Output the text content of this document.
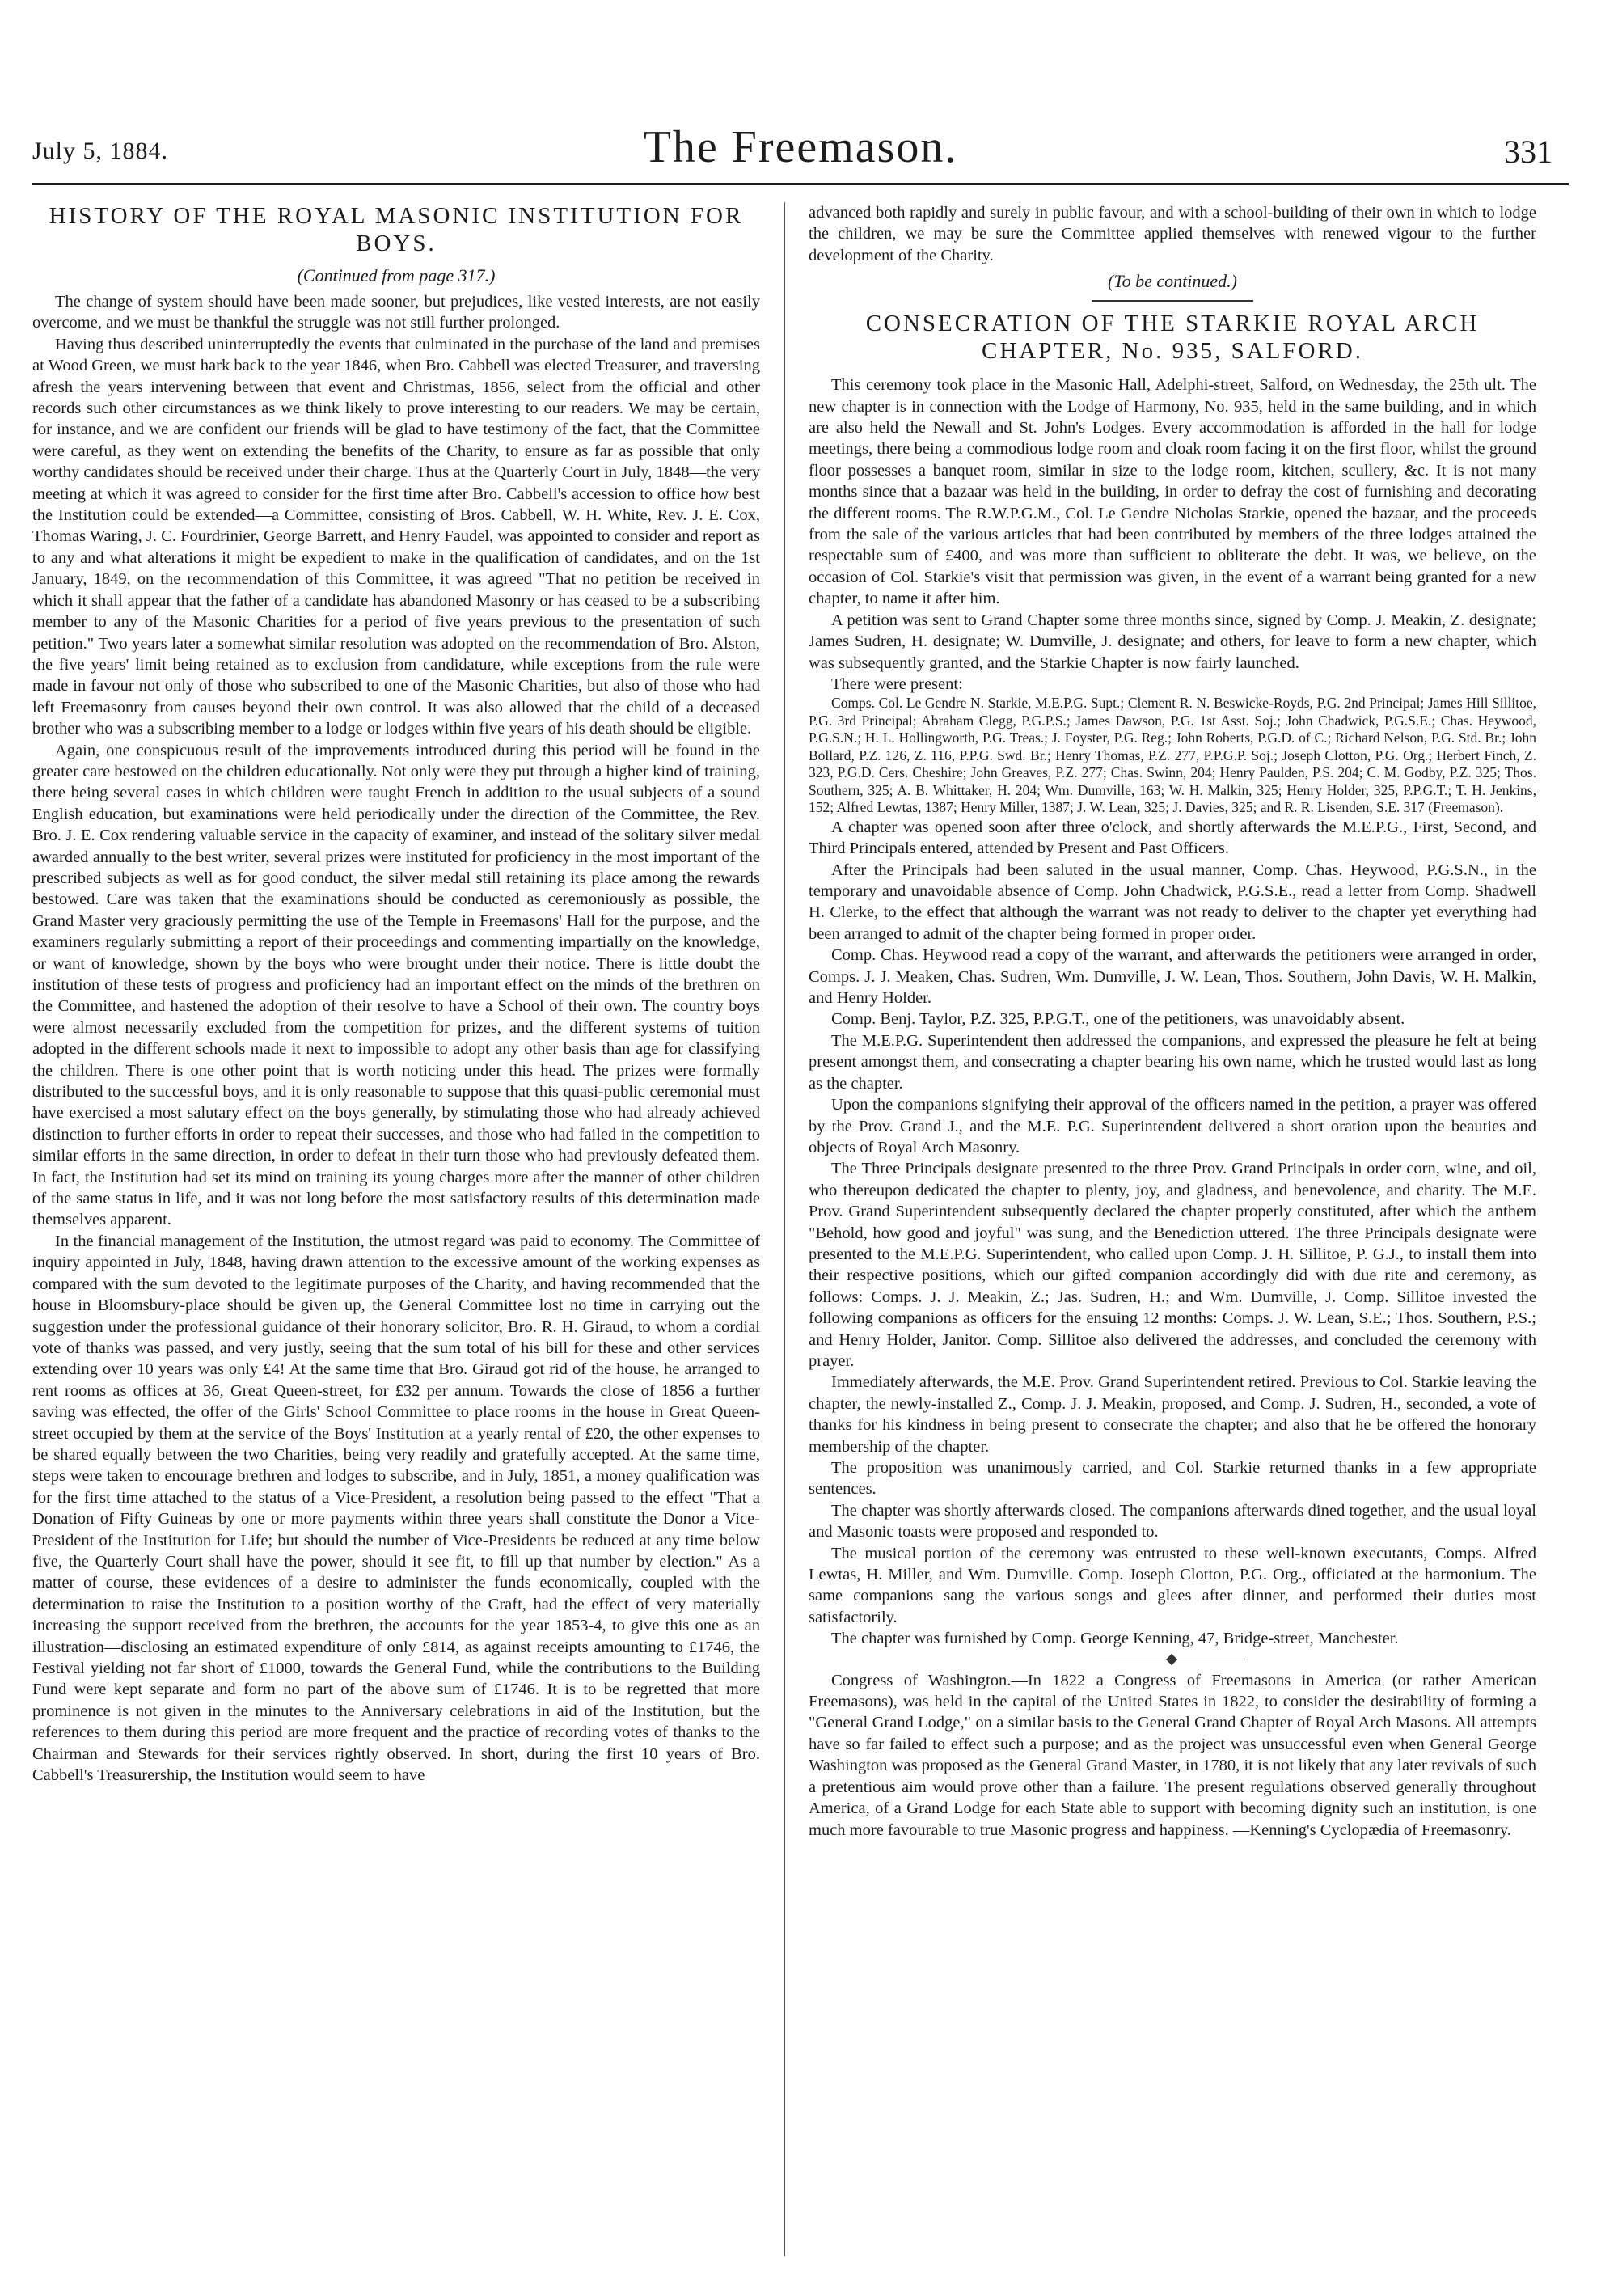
July 5, 1884.	The Freemason.	331
HISTORY OF THE ROYAL MASONIC INSTITUTION FOR BOYS.
(Continued from page 317.)

The change of system should have been made sooner, but prejudices, like vested interests, are not easily overcome, and we must be thankful the struggle was not still further prolonged.

Having thus described uninterruptedly the events that culminated in the purchase of the land and premises at Wood Green, we must hark back to the year 1846, when Bro. Cabbell was elected Treasurer, and traversing afresh the years intervening between that event and Christmas, 1856, select from the official and other records such other circumstances as we think likely to prove interesting to our readers. We may be certain, for instance, and we are confident our friends will be glad to have testimony of the fact, that the Committee were careful, as they went on extending the benefits of the Charity, to ensure as far as possible that only worthy candidates should be received under their charge. Thus at the Quarterly Court in July, 1848—the very meeting at which it was agreed to consider for the first time after Bro. Cabbell's accession to office how best the Institution could be extended—a Committee, consisting of Bros. Cabbell, W. H. White, Rev. J. E. Cox, Thomas Waring, J. C. Fourdrinier, George Barrett, and Henry Faudel, was appointed to consider and report as to any and what alterations it might be expedient to make in the qualification of candidates, and on the 1st January, 1849, on the recommendation of this Committee, it was agreed "That no petition be received in which it shall appear that the father of a candidate has abandoned Masonry or has ceased to be a subscribing member to any of the Masonic Charities for a period of five years previous to the presentation of such petition." Two years later a somewhat similar resolution was adopted on the recommendation of Bro. Alston, the five years' limit being retained as to exclusion from candidature, while exceptions from the rule were made in favour not only of those who subscribed to one of the Masonic Charities, but also of those who had left Freemasonry from causes beyond their own control. It was also allowed that the child of a deceased brother who was a subscribing member to a lodge or lodges within five years of his death should be eligible.

Again, one conspicuous result of the improvements introduced during this period will be found in the greater care bestowed on the children educationally. Not only were they put through a higher kind of training, there being several cases in which children were taught French in addition to the usual subjects of a sound English education, but examinations were held periodically under the direction of the Committee, the Rev. Bro. J. E. Cox rendering valuable service in the capacity of examiner, and instead of the solitary silver medal awarded annually to the best writer, several prizes were instituted for proficiency in the most important of the prescribed subjects as well as for good conduct, the silver medal still retaining its place among the rewards bestowed. Care was taken that the examinations should be conducted as ceremoniously as possible, the Grand Master very graciously permitting the use of the Temple in Freemasons' Hall for the purpose, and the examiners regularly submitting a report of their proceedings and commenting impartially on the knowledge, or want of knowledge, shown by the boys who were brought under their notice. There is little doubt the institution of these tests of progress and proficiency had an important effect on the minds of the brethren on the Committee, and hastened the adoption of their resolve to have a School of their own. The country boys were almost necessarily excluded from the competition for prizes, and the different systems of tuition adopted in the different schools made it next to impossible to adopt any other basis than age for classifying the children. There is one other point that is worth noticing under this head. The prizes were formally distributed to the successful boys, and it is only reasonable to suppose that this quasi-public ceremonial must have exercised a most salutary effect on the boys generally, by stimulating those who had already achieved distinction to further efforts in order to repeat their successes, and those who had failed in the competition to similar efforts in the same direction, in order to defeat in their turn those who had previously defeated them. In fact, the Institution had set its mind on training its young charges more after the manner of other children of the same status in life, and it was not long before the most satisfactory results of this determination made themselves apparent.

In the financial management of the Institution, the utmost regard was paid to economy. The Committee of inquiry appointed in July, 1848, having drawn attention to the excessive amount of the working expenses as compared with the sum devoted to the legitimate purposes of the Charity, and having recommended that the house in Bloomsbury-place should be given up, the General Committee lost no time in carrying out the suggestion under the professional guidance of their honorary solicitor, Bro. R. H. Giraud, to whom a cordial vote of thanks was passed, and very justly, seeing that the sum total of his bill for these and other services extending over 10 years was only £4! At the same time that Bro. Giraud got rid of the house, he arranged to rent rooms as offices at 36, Great Queen-street, for £32 per annum. Towards the close of 1856 a further saving was effected, the offer of the Girls' School Committee to place rooms in the house in Great Queen-street occupied by them at the service of the Boys' Institution at a yearly rental of £20, the other expenses to be shared equally between the two Charities, being very readily and gratefully accepted. At the same time, steps were taken to encourage brethren and lodges to subscribe, and in July, 1851, a money qualification was for the first time attached to the status of a Vice-President, a resolution being passed to the effect "That a Donation of Fifty Guineas by one or more payments within three years shall constitute the Donor a Vice-President of the Institution for Life; but should the number of Vice-Presidents be reduced at any time below five, the Quarterly Court shall have the power, should it see fit, to fill up that number by election." As a matter of course, these evidences of a desire to administer the funds economically, coupled with the determination to raise the Institution to a position worthy of the Craft, had the effect of very materially increasing the support received from the brethren, the accounts for the year 1853-4, to give this one as an illustration—disclosing an estimated expenditure of only £814, as against receipts amounting to £1746, the Festival yielding not far short of £1000, towards the General Fund, while the contributions to the Building Fund were kept separate and form no part of the above sum of £1746. It is to be regretted that more prominence is not given in the minutes to the Anniversary celebrations in aid of the Institution, but the references to them during this period are more frequent and the practice of recording votes of thanks to the Chairman and Stewards for their services rightly observed. In short, during the first 10 years of Bro. Cabbell's Treasurership, the Institution would seem to have

advanced both rapidly and surely in public favour, and with a school-building of their own in which to lodge the children, we may be sure the Committee applied themselves with renewed vigour to the further development of the Charity.

(To be continued.)
CONSECRATION OF THE STARKIE ROYAL ARCH CHAPTER, No. 935, SALFORD.

This ceremony took place in the Masonic Hall, Adelphi-street, Salford, on Wednesday, the 25th ult. The new chapter is in connection with the Lodge of Harmony, No. 935, held in the same building, and in which are also held the Newall and St. John's Lodges. Every accommodation is afforded in the hall for lodge meetings, there being a commodious lodge room and cloak room facing it on the first floor, whilst the ground floor possesses a banquet room, similar in size to the lodge room, kitchen, scullery, &c. It is not many months since that a bazaar was held in the building, in order to defray the cost of furnishing and decorating the different rooms. The R.W.P.G.M., Col. Le Gendre Nicholas Starkie, opened the bazaar, and the proceeds from the sale of the various articles that had been contributed by members of the three lodges attained the respectable sum of £400, and was more than sufficient to obliterate the debt. It was, we believe, on the occasion of Col. Starkie's visit that permission was given, in the event of a warrant being granted for a new chapter, to name it after him.

A petition was sent to Grand Chapter some three months since, signed by Comp. J. Meakin, Z. designate; James Sudren, H. designate; W. Dumville, J. designate; and others, for leave to form a new chapter, which was subsequently granted, and the Starkie Chapter is now fairly launched.

There were present:

Comps. Col. Le Gendre N. Starkie, M.E.P.G. Supt.; Clement R. N. Beswicke-Royds, P.G. 2nd Principal; James Hill Sillitoe, P.G. 3rd Principal; Abraham Clegg, P.G.P.S.; James Dawson, P.G. 1st Asst. Soj.; John Chadwick, P.G.S.E.; Chas. Heywood, P.G.S.N.; H. L. Hollingworth, P.G. Treas.; J. Foyster, P.G. Reg.; John Roberts, P.G.D. of C.; Richard Nelson, P.G. Std. Br.; John Bollard, P.Z. 126, Z. 116, P.P.G. Swd. Br.; Henry Thomas, P.Z. 277, P.P.G.P. Soj.; Joseph Clotton, P.G. Org.; Herbert Finch, Z. 323, P.G.D. Cers. Cheshire; John Greaves, P.Z. 277; Chas. Swinn, 204; Henry Paulden, P.S. 204; C. M. Godby, P.Z. 325; Thos. Southern, 325; A. B. Whittaker, H. 204; Wm. Dumville, 163; W. H. Malkin, 325; Henry Holder, 325, P.P.G.T.; T. H. Jenkins, 152; Alfred Lewtas, 1387; Henry Miller, 1387; J. W. Lean, 325; J. Davies, 325; and R. R. Lisenden, S.E. 317 (Freemason).

A chapter was opened soon after three o'clock, and shortly afterwards the M.E.P.G., First, Second, and Third Principals entered, attended by Present and Past Officers.

After the Principals had been saluted in the usual manner, Comp. Chas. Heywood, P.G.S.N., in the temporary and unavoidable absence of Comp. John Chadwick, P.G.S.E., read a letter from Comp. Shadwell H. Clerke, to the effect that although the warrant was not ready to deliver to the chapter yet everything had been arranged to admit of the chapter being formed in proper order.

Comp. Chas. Heywood read a copy of the warrant, and afterwards the petitioners were arranged in order, Comps. J. J. Meaken, Chas. Sudren, Wm. Dumville, J. W. Lean, Thos. Southern, John Davis, W. H. Malkin, and Henry Holder.

Comp. Benj. Taylor, P.Z. 325, P.P.G.T., one of the petitioners, was unavoidably absent.

The M.E.P.G. Superintendent then addressed the companions, and expressed the pleasure he felt at being present amongst them, and consecrating a chapter bearing his own name, which he trusted would last as long as the chapter.

Upon the companions signifying their approval of the officers named in the petition, a prayer was offered by the Prov. Grand J., and the M.E. P.G. Superintendent delivered a short oration upon the beauties and objects of Royal Arch Masonry.

The Three Principals designate presented to the three Prov. Grand Principals in order corn, wine, and oil, who thereupon dedicated the chapter to plenty, joy, and gladness, and benevolence, and charity. The M.E. Prov. Grand Superintendent subsequently declared the chapter properly constituted, after which the anthem "Behold, how good and joyful" was sung, and the Benediction uttered. The three Principals designate were presented to the M.E.P.G. Superintendent, who called upon Comp. J. H. Sillitoe, P. G.J., to install them into their respective positions, which our gifted companion accordingly did with due rite and ceremony, as follows: Comps. J. J. Meakin, Z.; Jas. Sudren, H.; and Wm. Dumville, J. Comp. Sillitoe invested the following companions as officers for the ensuing 12 months: Comps. J. W. Lean, S.E.; Thos. Southern, P.S.; and Henry Holder, Janitor. Comp. Sillitoe also delivered the addresses, and concluded the ceremony with prayer.

Immediately afterwards, the M.E. Prov. Grand Superintendent retired. Previous to Col. Starkie leaving the chapter, the newly-installed Z., Comp. J. J. Meakin, proposed, and Comp. J. Sudren, H., seconded, a vote of thanks for his kindness in being present to consecrate the chapter; and also that he be offered the honorary membership of the chapter.

The proposition was unanimously carried, and Col. Starkie returned thanks in a few appropriate sentences.

The chapter was shortly afterwards closed. The companions afterwards dined together, and the usual loyal and Masonic toasts were proposed and responded to.

The musical portion of the ceremony was entrusted to these well-known executants, Comps. Alfred Lewtas, H. Miller, and Wm. Dumville. Comp. Joseph Clotton, P.G. Org., officiated at the harmonium. The same companions sang the various songs and glees after dinner, and performed their duties most satisfactorily.

The chapter was furnished by Comp. George Kenning, 47, Bridge-street, Manchester.

Congress of Washington.—In 1822 a Congress of Freemasons in America (or rather American Freemasons), was held in the capital of the United States in 1822, to consider the desirability of forming a "General Grand Lodge," on a similar basis to the General Grand Chapter of Royal Arch Masons. All attempts have so far failed to effect such a purpose; and as the project was unsuccessful even when General George Washington was proposed as the General Grand Master, in 1780, it is not likely that any later revivals of such a pretentious aim would prove other than a failure. The present regulations observed generally throughout America, of a Grand Lodge for each State able to support with becoming dignity such an institution, is one much more favourable to true Masonic progress and happiness. —Kenning's Cyclopædia of Freemasonry.
